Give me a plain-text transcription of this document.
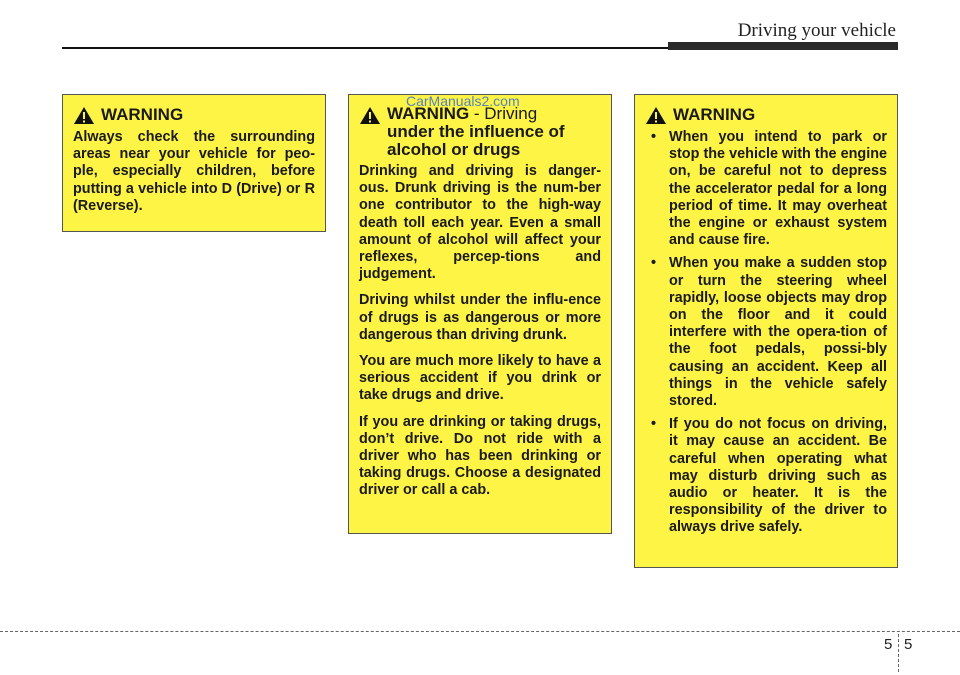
Driving your vehicle
WARNING

Always check the surrounding areas near your vehicle for peo-ple, especially children, before putting a vehicle into D (Drive) or R (Reverse).

WARNING - Driving
under the influence of
alcohol or drugs

Drinking and driving is danger-ous. Drunk driving is the num-ber one contributor to the high-way death toll each year. Even a small amount of alcohol will affect your reflexes, percep-tions and judgement.

Driving whilst under the influ-ence of drugs is as dangerous or more dangerous than driving drunk.

You are much more likely to have a serious accident if you drink or take drugs and drive.

If you are drinking or taking drugs, don’t drive. Do not ride with a driver who has been drinking or taking drugs. Choose a designated driver or call a cab.

CarManuals2.com
WARNING
• When you intend to park or stop the vehicle with the engine on, be careful not to depress the accelerator pedal for a long period of time. It may overheat the engine or exhaust system and cause fire.
• When you make a sudden stop or turn the steering wheel rapidly, loose objects may drop on the floor and it could interfere with the opera-tion of the foot pedals, possi-bly causing an accident. Keep all things in the vehicle safely stored.
• If you do not focus on driving, it may cause an accident. Be careful when operating what may disturb driving such as audio or heater. It is the responsibility of the driver to always drive safely.
5 5
